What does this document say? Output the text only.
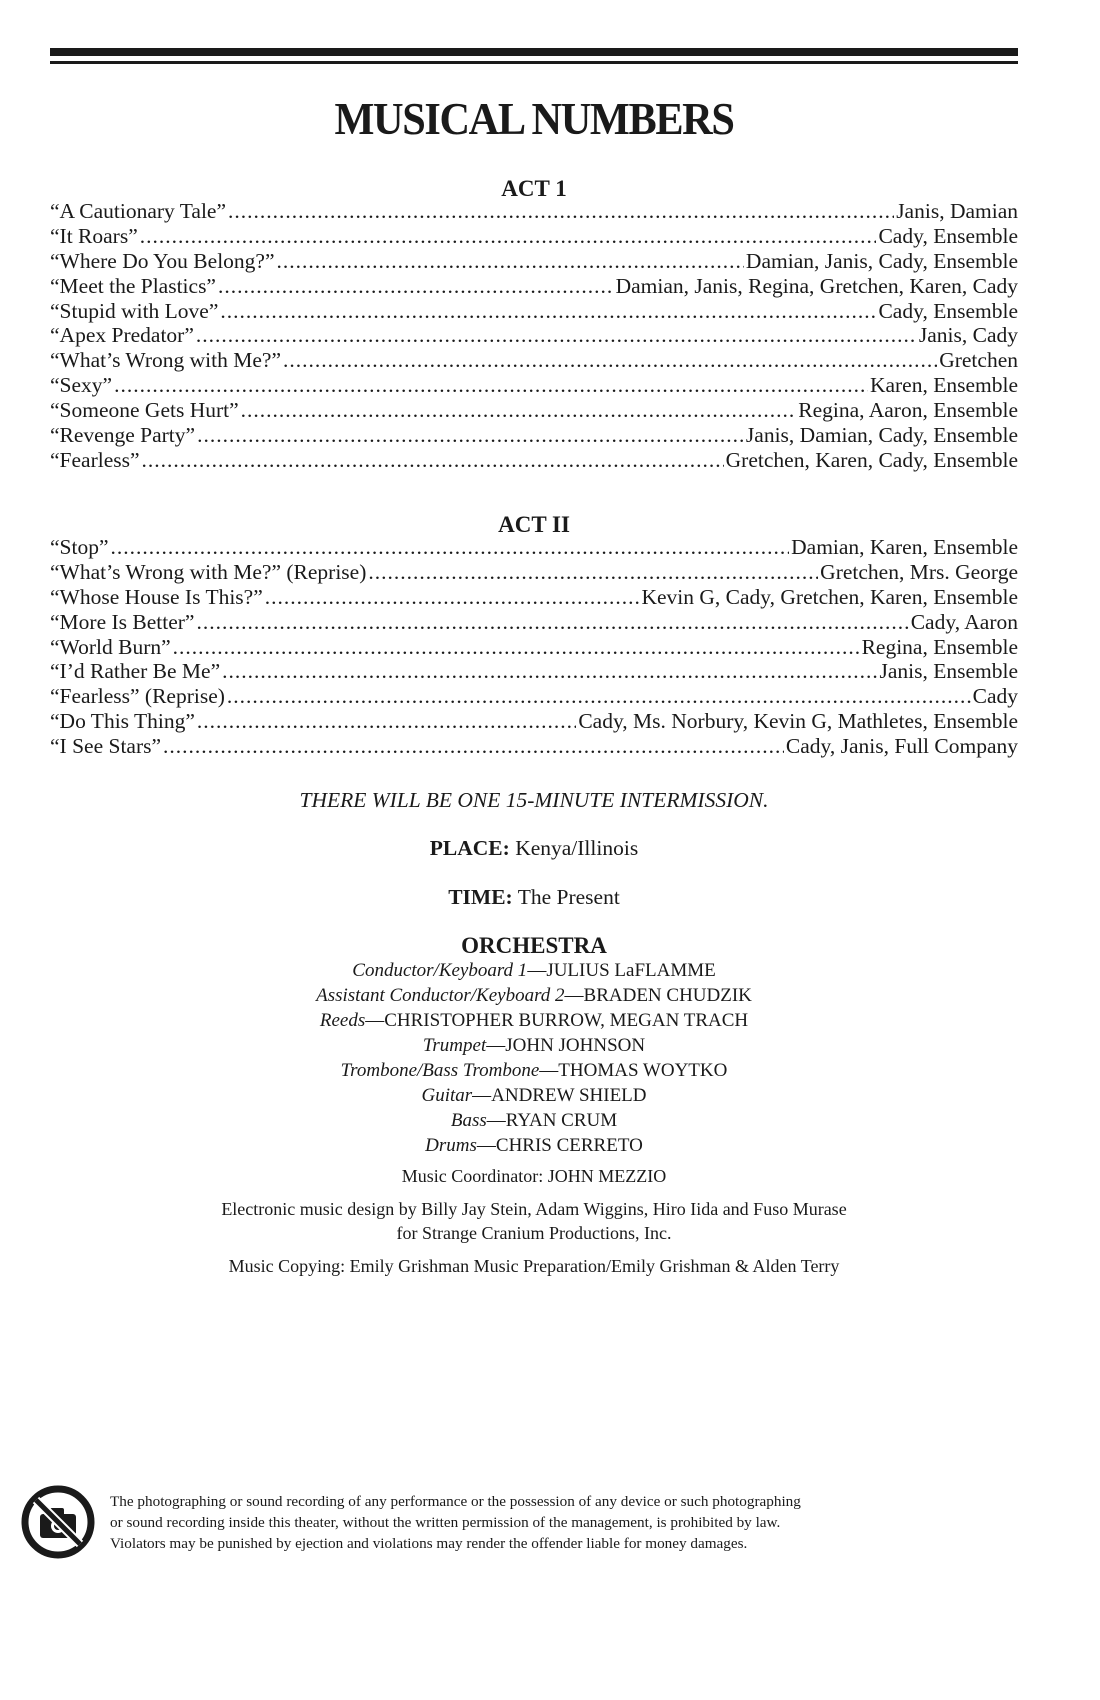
MUSICAL NUMBERS
ACT 1
“A Cautionary Tale” .....	Janis, Damian
“It Roars” .....	Cady, Ensemble
“Where Do You Belong?” .....	Damian, Janis, Cady, Ensemble
“Meet the Plastics” .....	Damian, Janis, Regina, Gretchen, Karen, Cady
“Stupid with Love” .....	Cady, Ensemble
“Apex Predator” .....	Janis, Cady
“What’s Wrong with Me?” .....	Gretchen
“Sexy” .....	Karen, Ensemble
“Someone Gets Hurt” .....	Regina, Aaron, Ensemble
“Revenge Party” .....	Janis, Damian, Cady, Ensemble
“Fearless” .....	Gretchen, Karen, Cady, Ensemble
ACT II
“Stop” .....	Damian, Karen, Ensemble
“What’s Wrong with Me?” (Reprise) .....	Gretchen, Mrs. George
“Whose House Is This?” .....	Kevin G, Cady, Gretchen, Karen, Ensemble
“More Is Better” .....	Cady, Aaron
“World Burn” .....	Regina, Ensemble
“I’d Rather Be Me” .....	Janis, Ensemble
“Fearless” (Reprise) .....	Cady
“Do This Thing” .....	Cady, Ms. Norbury, Kevin G, Mathletes, Ensemble
“I See Stars” .....	Cady, Janis, Full Company
THERE WILL BE ONE 15-MINUTE INTERMISSION.
PLACE: Kenya/Illinois
TIME: The Present
ORCHESTRA
Conductor/Keyboard 1—JULIUS LaFLAMME
Assistant Conductor/Keyboard 2—BRADEN CHUDZIK
Reeds—CHRISTOPHER BURROW, MEGAN TRACH
Trumpet—JOHN JOHNSON
Trombone/Bass Trombone—THOMAS WOYTKO
Guitar—ANDREW SHIELD
Bass—RYAN CRUM
Drums—CHRIS CERRETO
Music Coordinator: JOHN MEZZIO
Electronic music design by Billy Jay Stein, Adam Wiggins, Hiro Iida and Fuso Murase
for Strange Cranium Productions, Inc.
Music Copying: Emily Grishman Music Preparation/Emily Grishman & Alden Terry
The photographing or sound recording of any performance or the possession of any device or such photographing
or sound recording inside this theater, without the written permission of the management, is prohibited by law.
Violators may be punished by ejection and violations may render the offender liable for money damages.
